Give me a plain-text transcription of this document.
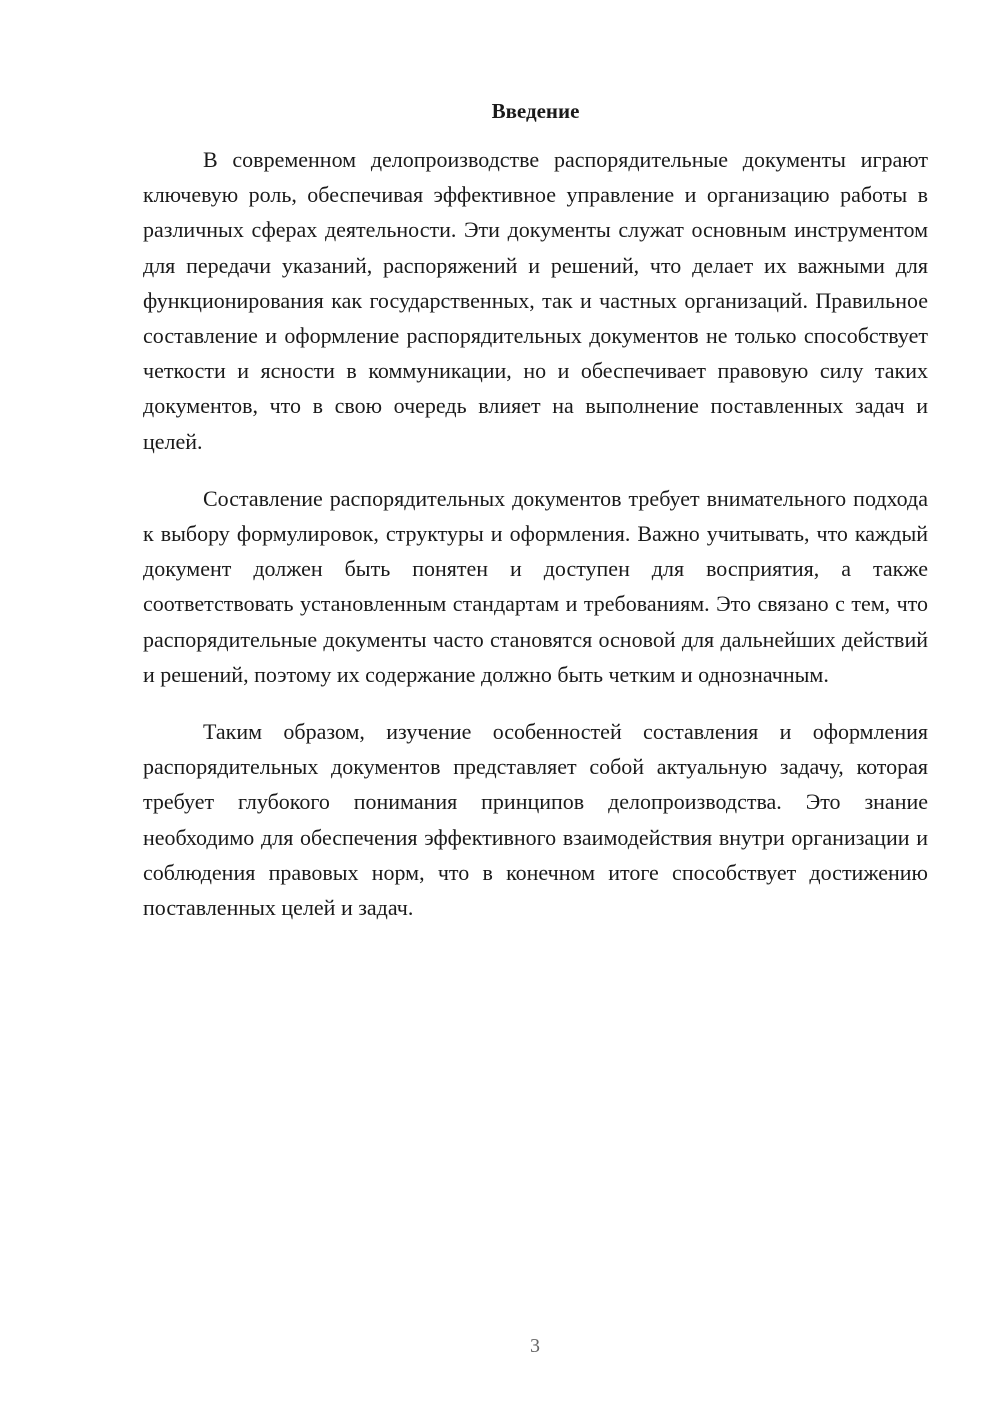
Введение

В современном делопроизводстве распорядительные документы играют ключевую роль, обеспечивая эффективное управление и организацию работы в различных сферах деятельности. Эти документы служат основным инструментом для передачи указаний, распоряжений и решений, что делает их важными для функционирования как государственных, так и частных организаций. Правильное составление и оформление распорядительных документов не только способствует четкости и ясности в коммуникации, но и обеспечивает правовую силу таких документов, что в свою очередь влияет на выполнение поставленных задач и целей.

Составление распорядительных документов требует внимательного подхода к выбору формулировок, структуры и оформления. Важно учитывать, что каждый документ должен быть понятен и доступен для восприятия, а также соответствовать установленным стандартам и требованиям. Это связано с тем, что распорядительные документы часто становятся основой для дальнейших действий и решений, поэтому их содержание должно быть четким и однозначным.

Таким образом, изучение особенностей составления и оформления распорядительных документов представляет собой актуальную задачу, которая требует глубокого понимания принципов делопроизводства. Это знание необходимо для обеспечения эффективного взаимодействия внутри организации и соблюдения правовых норм, что в конечном итоге способствует достижению поставленных целей и задач.

3
